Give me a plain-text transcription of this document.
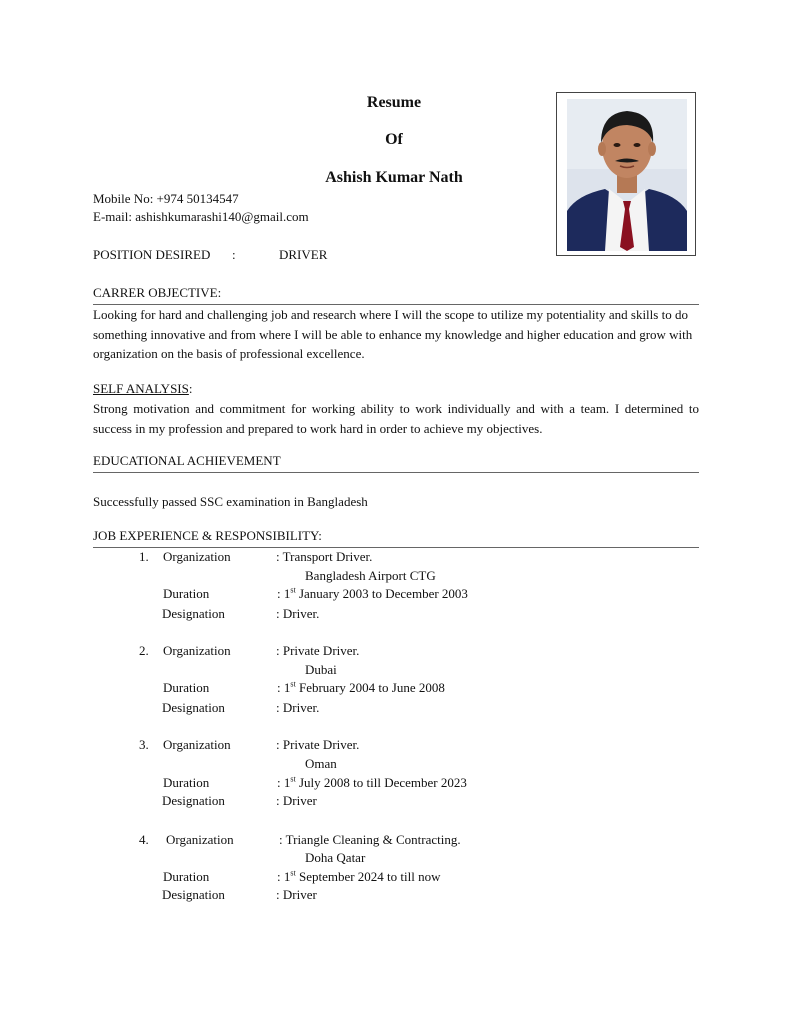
Resume
Of
Ashish Kumar Nath
Mobile No: +974 50134547
E-mail: ashishkumarashi140@gmail.com
POSITION DESIRED :	DRIVER
CARRER OBJECTIVE:
Looking for hard and challenging job and research where I will the scope to utilize my potentiality and skills to do something innovative and from where I will be able to enhance my knowledge and higher education and grow with organization on the basis of professional excellence.
SELF ANALYSIS:
Strong motivation and commitment for working ability to work individually and with a team. I determined to success in my profession and prepared to work hard in order to achieve my objectives.
EDUCATIONAL ACHIEVEMENT
Successfully passed SSC examination in Bangladesh
JOB EXPERIENCE & RESPONSIBILITY:
1. Organization	: Transport Driver.
Bangladesh Airport CTG
Duration	: 1st January 2003 to December 2003
Designation	: Driver.
2. Organization	: Private Driver.
Dubai
Duration	: 1st February 2004 to June 2008
Designation	: Driver.
3. Organization	: Private Driver.
Oman
Duration	: 1st July 2008 to till December 2023
Designation	: Driver
4. Organization	: Triangle Cleaning & Contracting.
Doha Qatar
Duration	: 1st September 2024 to till now
Designation	: Driver
